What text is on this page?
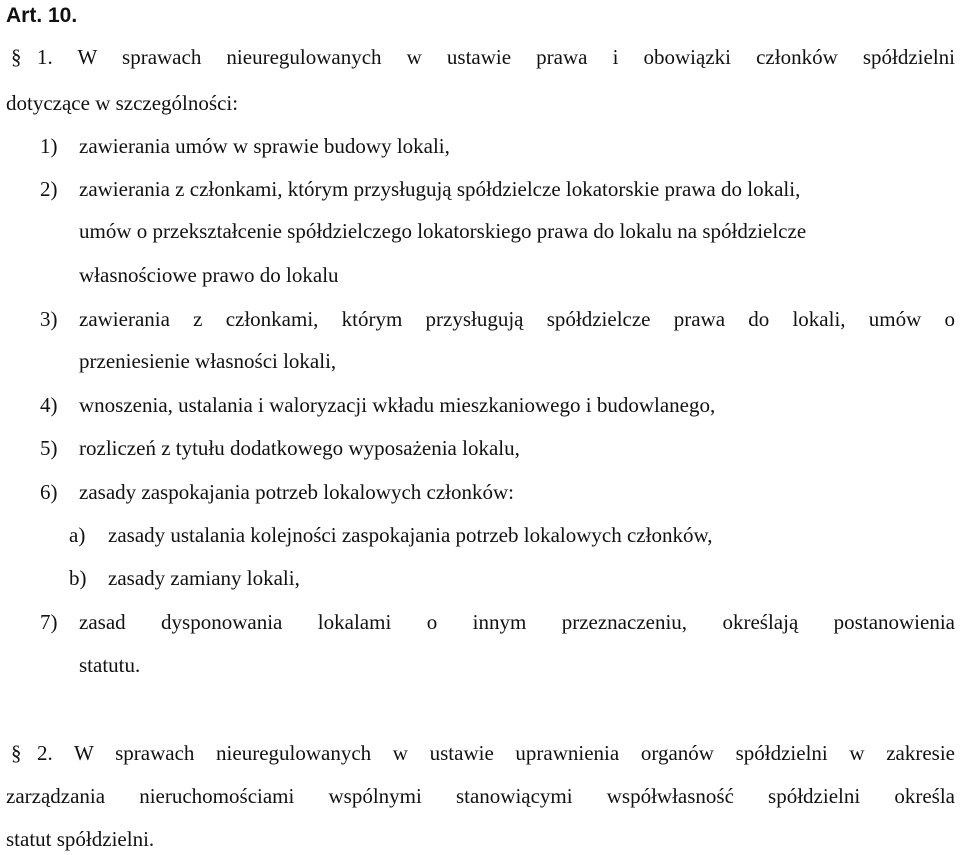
Art. 10.
§ 1. W sprawach nieuregulowanych w ustawie prawa i obowiązki członków spółdzielni
dotyczące w szczególności:
1) zawierania umów w sprawie budowy lokali,
2) zawierania z członkami, którym przysługują spółdzielcze lokatorskie prawa do lokali,
umów o przekształcenie spółdzielczego lokatorskiego prawa do lokalu na spółdzielcze
własnościowe prawo do lokalu
3) zawierania z członkami, którym przysługują spółdzielcze prawa do lokali, umów o
przeniesienie własności lokali,
4) wnoszenia, ustalania i waloryzacji wkładu mieszkaniowego i budowlanego,
5) rozliczeń z tytułu dodatkowego wyposażenia lokalu,
6) zasady zaspokajania potrzeb lokalowych członków:
a) zasady ustalania kolejności zaspokajania potrzeb lokalowych członków,
b) zasady zamiany lokali,
7) zasad dysponowania lokalami o innym przeznaczeniu, określają postanowienia
statutu.
§ 2. W sprawach nieuregulowanych w ustawie uprawnienia organów spółdzielni w zakresie
zarządzania nieruchomościami wspólnymi stanowiącymi współwłasność spółdzielni określa
statut spółdzielni.
